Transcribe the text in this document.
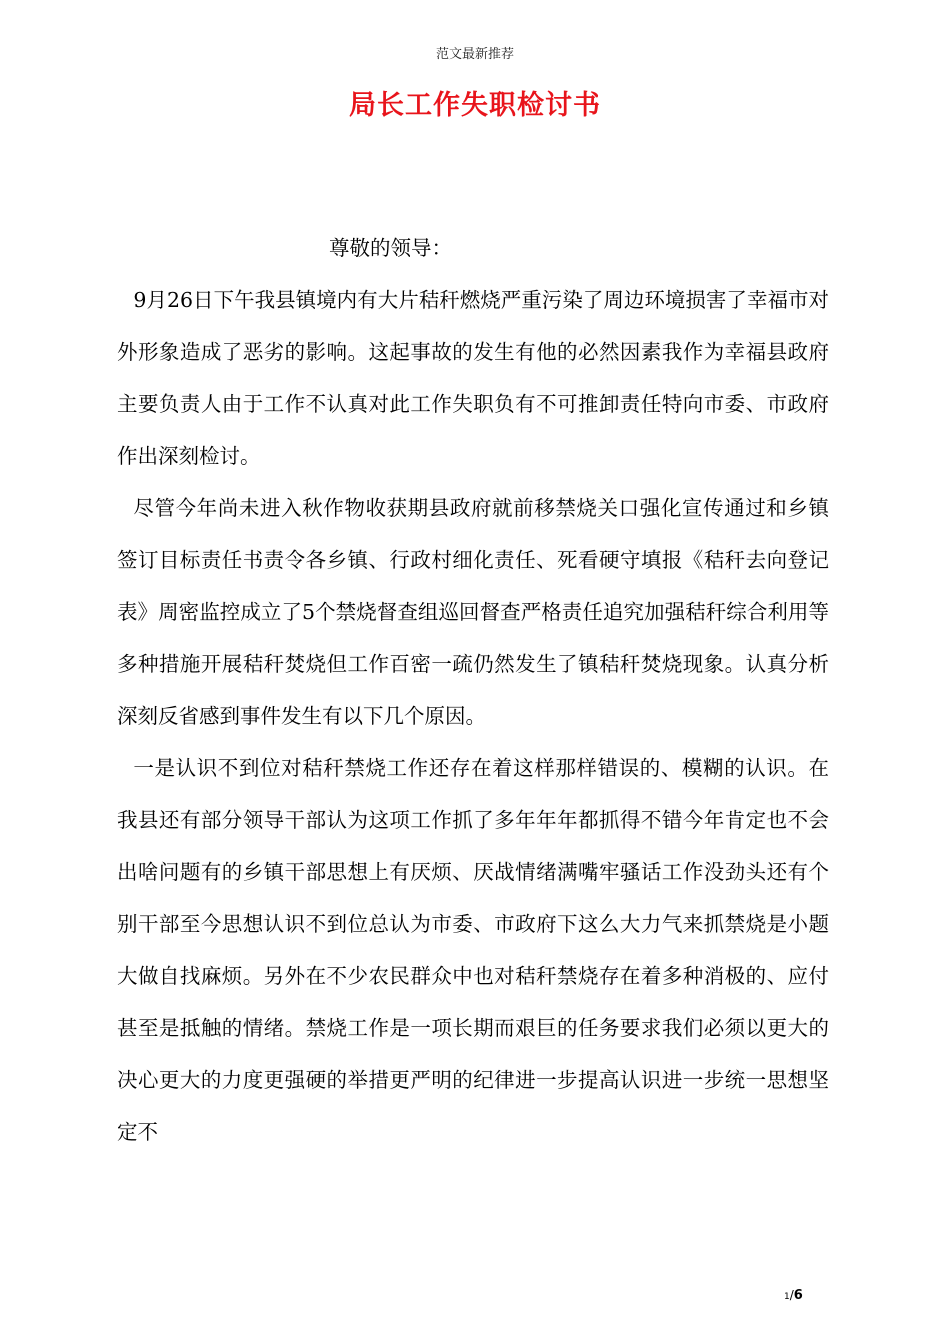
范文最新推荐
局长工作失职检讨书

尊敬的领导：

9月26日下午我县镇境内有大片秸秆燃烧严重污染了周边环境损害了幸福市对外形象造成了恶劣的影响。这起事故的发生有他的必然因素我作为幸福县政府主要负责人由于工作不认真对此工作失职负有不可推卸责任特向市委、市政府作出深刻检讨。

尽管今年尚未进入秋作物收获期县政府就前移禁烧关口强化宣传通过和乡镇签订目标责任书责令各乡镇、行政村细化责任、死看硬守填报《秸秆去向登记表》周密监控成立了5个禁烧督查组巡回督查严格责任追究加强秸秆综合利用等多种措施开展秸秆焚烧但工作百密一疏仍然发生了镇秸秆焚烧现象。认真分析深刻反省感到事件发生有以下几个原因。

一是认识不到位对秸秆禁烧工作还存在着这样那样错误的、模糊的认识。在我县还有部分领导干部认为这项工作抓了多年年年都抓得不错今年肯定也不会出啥问题有的乡镇干部思想上有厌烦、厌战情绪满嘴牢骚话工作没劲头还有个别干部至今思想认识不到位总认为市委、市政府下这么大力气来抓禁烧是小题大做自找麻烦。另外在不少农民群众中也对秸秆禁烧存在着多种消极的、应付甚至是抵触的情绪。禁烧工作是一项长期而艰巨的任务要求我们必须以更大的决心更大的力度更强硬的举措更严明的纪律进一步提高认识进一步统一思想坚定不

1/6
